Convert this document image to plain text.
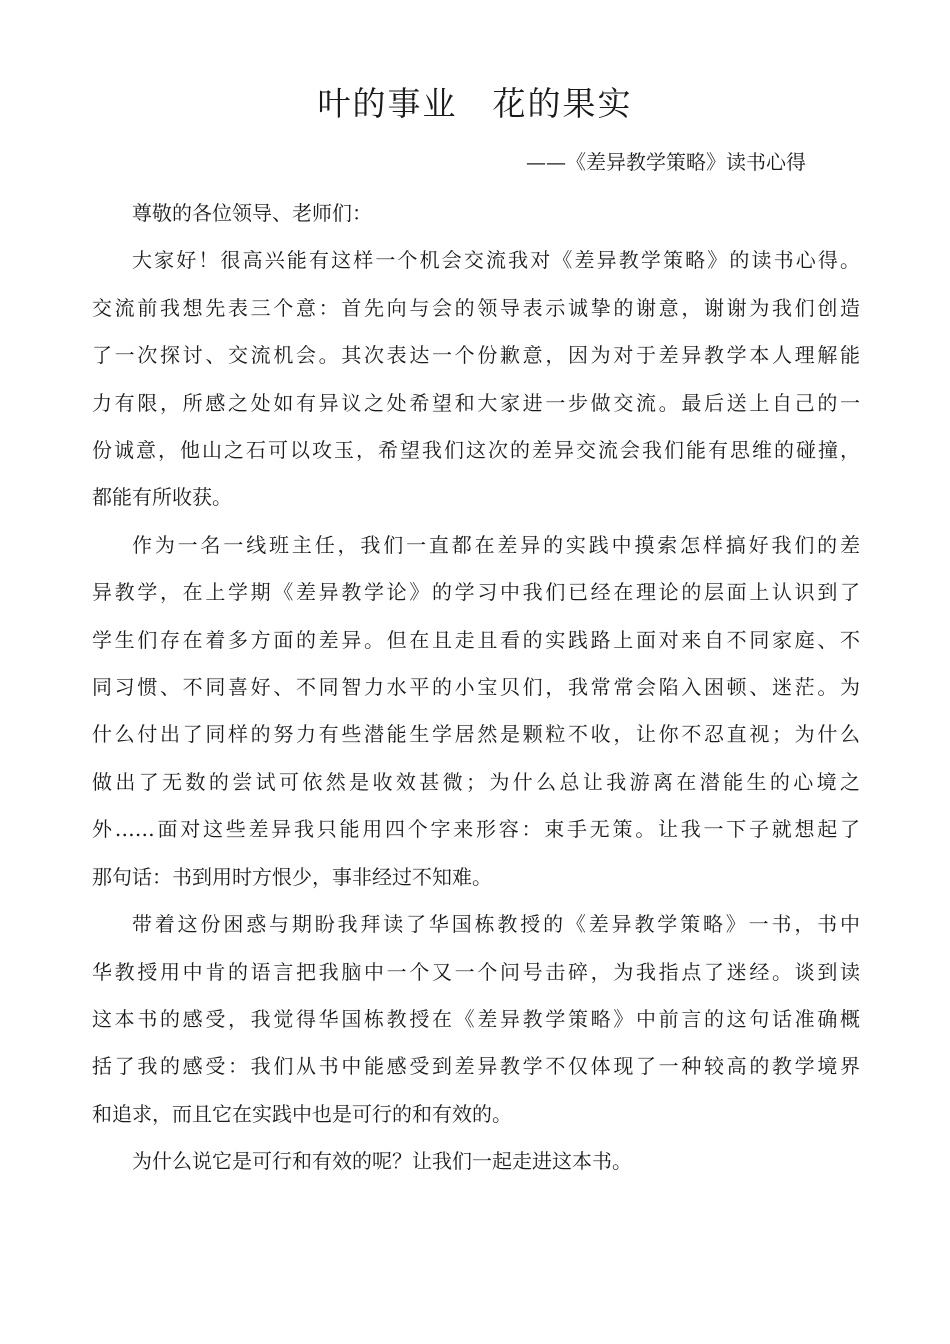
叶的事业　花的果实
——《差异教学策略》读书心得

尊敬的各位领导、老师们：

大家好！很高兴能有这样一个机会交流我对《差异教学策略》的读书心得。
交流前我想先表三个意：首先向与会的领导表示诚挚的谢意，谢谢为我们创造
了一次探讨、交流机会。其次表达一个份歉意，因为对于差异教学本人理解能
力有限，所感之处如有异议之处希望和大家进一步做交流。最后送上自己的一
份诚意，他山之石可以攻玉，希望我们这次的差异交流会我们能有思维的碰撞，
都能有所收获。

作为一名一线班主任，我们一直都在差异的实践中摸索怎样搞好我们的差
异教学，在上学期《差异教学论》的学习中我们已经在理论的层面上认识到了
学生们存在着多方面的差异。但在且走且看的实践路上面对来自不同家庭、不
同习惯、不同喜好、不同智力水平的小宝贝们，我常常会陷入困顿、迷茫。为
什么付出了同样的努力有些潜能生学居然是颗粒不收，让你不忍直视；为什么
做出了无数的尝试可依然是收效甚微；为什么总让我游离在潜能生的心境之
外……面对这些差异我只能用四个字来形容：束手无策。让我一下子就想起了
那句话：书到用时方恨少，事非经过不知难。

带着这份困惑与期盼我拜读了华国栋教授的《差异教学策略》一书，书中
华教授用中肯的语言把我脑中一个又一个问号击碎，为我指点了迷经。谈到读
这本书的感受，我觉得华国栋教授在《差异教学策略》中前言的这句话准确概
括了我的感受：我们从书中能感受到差异教学不仅体现了一种较高的教学境界
和追求，而且它在实践中也是可行的和有效的。

为什么说它是可行和有效的呢？让我们一起走进这本书。
